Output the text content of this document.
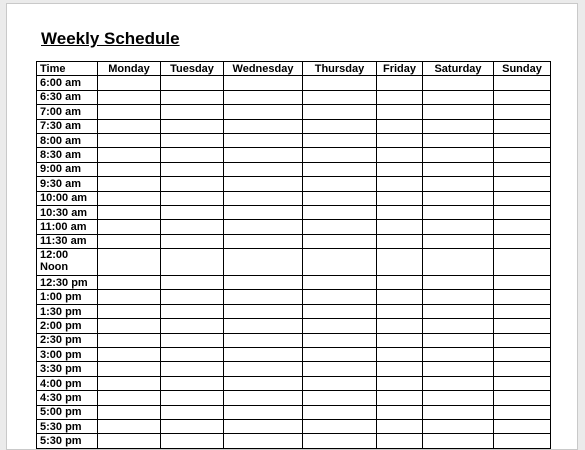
Weekly Schedule
Time	Monday	Tuesday	Wednesday	Thursday	Friday	Saturday	Sunday
6:00 am							
6:30 am							
7:00 am							
7:30 am							
8:00 am							
8:30 am							
9:00 am							
9:30 am							
10:00 am							
10:30 am							
11:00 am							
11:30 am							
12:00
Noon							
12:30 pm							
1:00 pm							
1:30 pm							
2:00 pm							
2:30 pm							
3:00 pm							
3:30 pm							
4:00 pm							
4:30 pm							
5:00 pm							
5:30 pm							
5:30 pm							
